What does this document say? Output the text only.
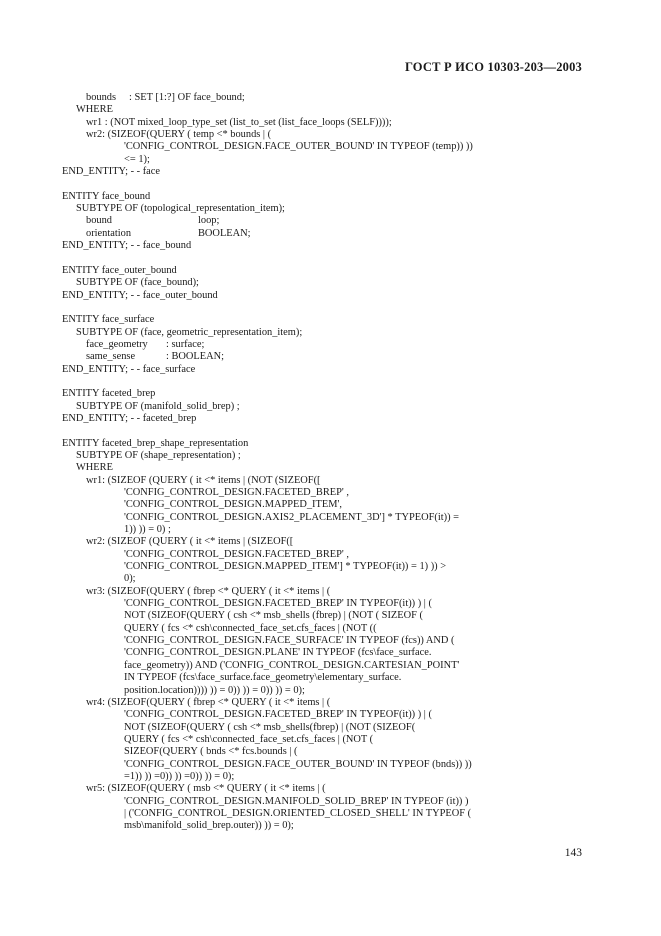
ГОСТ Р ИСО 10303-203—2003
bounds     : SET [1:?] OF face_bound;
WHERE
wr1 : (NOT mixed_loop_type_set (list_to_set (list_face_loops (SELF))));
wr2: (SIZEOF(QUERY ( temp <* bounds | (
'CONFIG_CONTROL_DESIGN.FACE_OUTER_BOUND' IN TYPEOF (temp)) ))
<= 1);
END_ENTITY; - - face
ENTITY face_bound
SUBTYPE OF (topological_representation_item);
bound	loop;
orientation	BOOLEAN;
END_ENTITY; - - face_bound
ENTITY face_outer_bound
SUBTYPE OF (face_bound);
END_ENTITY; - - face_outer_bound
ENTITY face_surface
SUBTYPE OF (face, geometric_representation_item);
face_geometry : surface;
same_sense	: BOOLEAN;
END_ENTITY; - - face_surface
ENTITY faceted_brep
SUBTYPE OF (manifold_solid_brep) ;
END_ENTITY; - - faceted_brep
ENTITY faceted_brep_shape_representation
SUBTYPE OF (shape_representation) ;
WHERE
wr1: (SIZEOF (QUERY ( it <* items | (NOT (SIZEOF([
'CONFIG_CONTROL_DESIGN.FACETED_BREP' ,
'CONFIG_CONTROL_DESIGN.MAPPED_ITEM',
'CONFIG_CONTROL_DESIGN.AXIS2_PLACEMENT_3D'] * TYPEOF(it)) =
1)) )) = 0) ;
wr2: (SIZEOF (QUERY ( it <* items | (SIZEOF([
'CONFIG_CONTROL_DESIGN.FACETED_BREP' ,
'CONFIG_CONTROL_DESIGN.MAPPED_ITEM'] * TYPEOF(it)) = 1) )) >
0);
wr3: (SIZEOF(QUERY ( fbrep <* QUERY ( it <* items | (
'CONFIG_CONTROL_DESIGN.FACETED_BREP' IN TYPEOF(it)) ) | (
NOT (SIZEOF(QUERY ( csh <* msb_shells (fbrep) | (NOT ( SIZEOF (
QUERY ( fcs <* csh\connected_face_set.cfs_faces | (NOT ((
'CONFIG_CONTROL_DESIGN.FACE_SURFACE' IN TYPEOF (fcs)) AND (
'CONFIG_CONTROL_DESIGN.PLANE' IN TYPEOF (fcs\face_surface.
face_geometry)) AND ('CONFIG_CONTROL_DESIGN.CARTESIAN_POINT'
IN TYPEOF (fcs\face_surface.face_geometry\elementary_surface.
position.location)))) )) = 0)) )) = 0)) )) = 0);
wr4: (SIZEOF(QUERY ( fbrep <* QUERY ( it <* items | (
'CONFIG_CONTROL_DESIGN.FACETED_BREP' IN TYPEOF(it)) ) | (
NOT (SIZEOF(QUERY ( csh <* msb_shells(fbrep) | (NOT (SIZEOF(
QUERY ( fcs <* csh\connected_face_set.cfs_faces | (NOT (
SIZEOF(QUERY ( bnds <* fcs.bounds | (
'CONFIG_CONTROL_DESIGN.FACE_OUTER_BOUND' IN TYPEOF (bnds)) ))
=1)) )) =0)) )) =0)) )) = 0);
wr5: (SIZEOF(QUERY ( msb <* QUERY ( it <* items | (
'CONFIG_CONTROL_DESIGN.MANIFOLD_SOLID_BREP' IN TYPEOF (it)) )
| ('CONFIG_CONTROL_DESIGN.ORIENTED_CLOSED_SHELL' IN TYPEOF (
msb\manifold_solid_brep.outer)) )) = 0);
143
